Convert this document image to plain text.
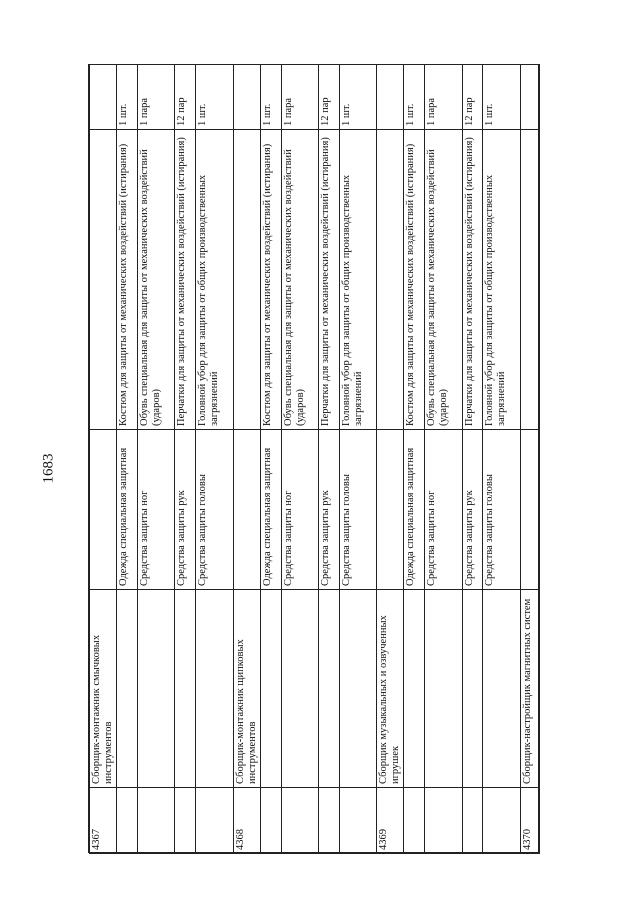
1683
4367	Сборщик-монтажник смычковых инструментов			
		Одежда специальная защитная	Костюм для защиты от механических воздействий (истирания)	1 шт.
		Средства защиты ног	Обувь специальная для защиты от механических воздействий (ударов)	1 пара
		Средства защиты рук	Перчатки для защиты от механических воздействий (истирания)	12 пар
		Средства защиты головы	Головной убор для защиты от общих производственных загрязнений	1 шт.
4368	Сборщик-монтажник щипковых инструментов			
		Одежда специальная защитная	Костюм для защиты от механических воздействий (истирания)	1 шт.
		Средства защиты ног	Обувь специальная для защиты от механических воздействий (ударов)	1 пара
		Средства защиты рук	Перчатки для защиты от механических воздействий (истирания)	12 пар
		Средства защиты головы	Головной убор для защиты от общих производственных загрязнений	1 шт.
4369	Сборщик музыкальных и озвученных игрушек			
		Одежда специальная защитная	Костюм для защиты от механических воздействий (истирания)	1 шт.
		Средства защиты ног	Обувь специальная для защиты от механических воздействий (ударов)	1 пара
		Средства защиты рук	Перчатки для защиты от механических воздействий (истирания)	12 пар
		Средства защиты головы	Головной убор для защиты от общих производственных загрязнений	1 шт.
4370	Сборщик-настройщик магнитных систем			
